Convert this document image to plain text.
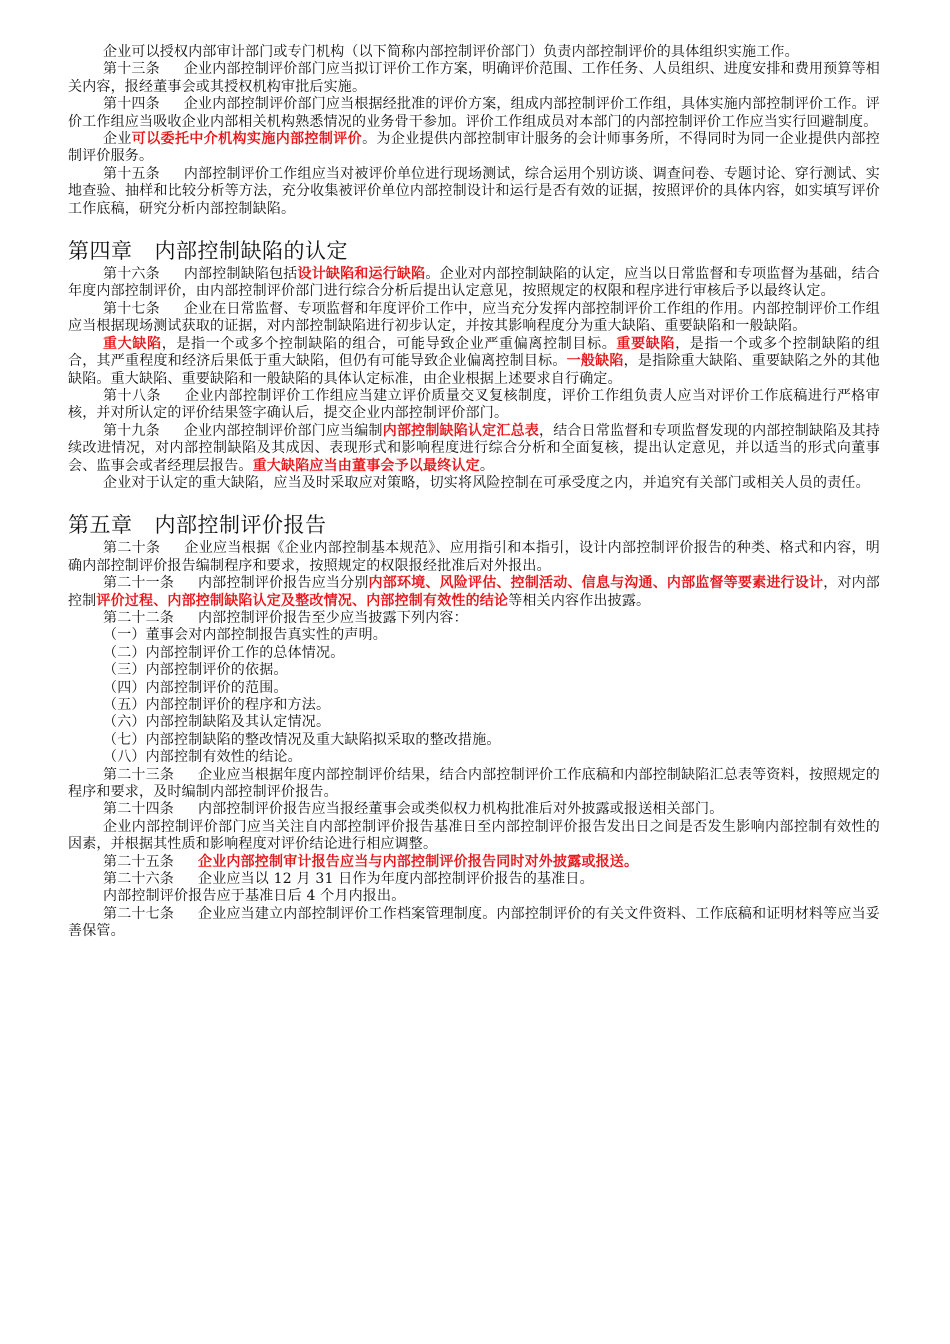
企业可以授权内部审计部门或专门机构（以下简称内部控制评价部门）负责内部控制评价的具体组织实施工作。

第十三条 企业内部控制评价部门应当拟订评价工作方案，明确评价范围、工作任务、人员组织、进度安排和费用预算等相关内容，报经董事会或其授权机构审批后实施。

第十四条 企业内部控制评价部门应当根据经批准的评价方案，组成内部控制评价工作组，具体实施内部控制评价工作。评价工作组应当吸收企业内部相关机构熟悉情况的业务骨干参加。评价工作组成员对本部门的内部控制评价工作应当实行回避制度。

企业可以委托中介机构实施内部控制评价。为企业提供内部控制审计服务的会计师事务所，不得同时为同一企业提供内部控制评价服务。

第十五条 内部控制评价工作组应当对被评价单位进行现场测试，综合运用个别访谈、调查问卷、专题讨论、穿行测试、实地查验、抽样和比较分析等方法，充分收集被评价单位内部控制设计和运行是否有效的证据，按照评价的具体内容，如实填写评价工作底稿，研究分析内部控制缺陷。

第四章 内部控制缺陷的认定

第十六条 内部控制缺陷包括设计缺陷和运行缺陷。企业对内部控制缺陷的认定，应当以日常监督和专项监督为基础，结合年度内部控制评价，由内部控制评价部门进行综合分析后提出认定意见，按照规定的权限和程序进行审核后予以最终认定。

第十七条 企业在日常监督、专项监督和年度评价工作中，应当充分发挥内部控制评价工作组的作用。内部控制评价工作组应当根据现场测试获取的证据，对内部控制缺陷进行初步认定，并按其影响程度分为重大缺陷、重要缺陷和一般缺陷。

重大缺陷，是指一个或多个控制缺陷的组合，可能导致企业严重偏离控制目标。重要缺陷，是指一个或多个控制缺陷的组合，其严重程度和经济后果低于重大缺陷，但仍有可能导致企业偏离控制目标。一般缺陷，是指除重大缺陷、重要缺陷之外的其他缺陷。重大缺陷、重要缺陷和一般缺陷的具体认定标准，由企业根据上述要求自行确定。

第十八条 企业内部控制评价工作组应当建立评价质量交叉复核制度，评价工作组负责人应当对评价工作底稿进行严格审核，并对所认定的评价结果签字确认后，提交企业内部控制评价部门。

第十九条 企业内部控制评价部门应当编制内部控制缺陷认定汇总表，结合日常监督和专项监督发现的内部控制缺陷及其持续改进情况，对内部控制缺陷及其成因、表现形式和影响程度进行综合分析和全面复核，提出认定意见，并以适当的形式向董事会、监事会或者经理层报告。重大缺陷应当由董事会予以最终认定。

企业对于认定的重大缺陷，应当及时采取应对策略，切实将风险控制在可承受度之内，并追究有关部门或相关人员的责任。

第五章 内部控制评价报告

第二十条 企业应当根据《企业内部控制基本规范》、应用指引和本指引，设计内部控制评价报告的种类、格式和内容，明确内部控制评价报告编制程序和要求，按照规定的权限报经批准后对外报出。

第二十一条 内部控制评价报告应当分别内部环境、风险评估、控制活动、信息与沟通、内部监督等要素进行设计，对内部控制评价过程、内部控制缺陷认定及整改情况、内部控制有效性的结论等相关内容作出披露。

第二十二条 内部控制评价报告至少应当披露下列内容：

（一）董事会对内部控制报告真实性的声明。

（二）内部控制评价工作的总体情况。

（三）内部控制评价的依据。

（四）内部控制评价的范围。

（五）内部控制评价的程序和方法。

（六）内部控制缺陷及其认定情况。

（七）内部控制缺陷的整改情况及重大缺陷拟采取的整改措施。

（八）内部控制有效性的结论。

第二十三条 企业应当根据年度内部控制评价结果，结合内部控制评价工作底稿和内部控制缺陷汇总表等资料，按照规定的程序和要求，及时编制内部控制评价报告。

第二十四条 内部控制评价报告应当报经董事会或类似权力机构批准后对外披露或报送相关部门。

企业内部控制评价部门应当关注自内部控制评价报告基准日至内部控制评价报告发出日之间是否发生影响内部控制有效性的因素，并根据其性质和影响程度对评价结论进行相应调整。

第二十五条 企业内部控制审计报告应当与内部控制评价报告同时对外披露或报送。

第二十六条 企业应当以 12 月 31 日作为年度内部控制评价报告的基准日。

内部控制评价报告应于基准日后 4 个月内报出。

第二十七条 企业应当建立内部控制评价工作档案管理制度。内部控制评价的有关文件资料、工作底稿和证明材料等应当妥善保管。
